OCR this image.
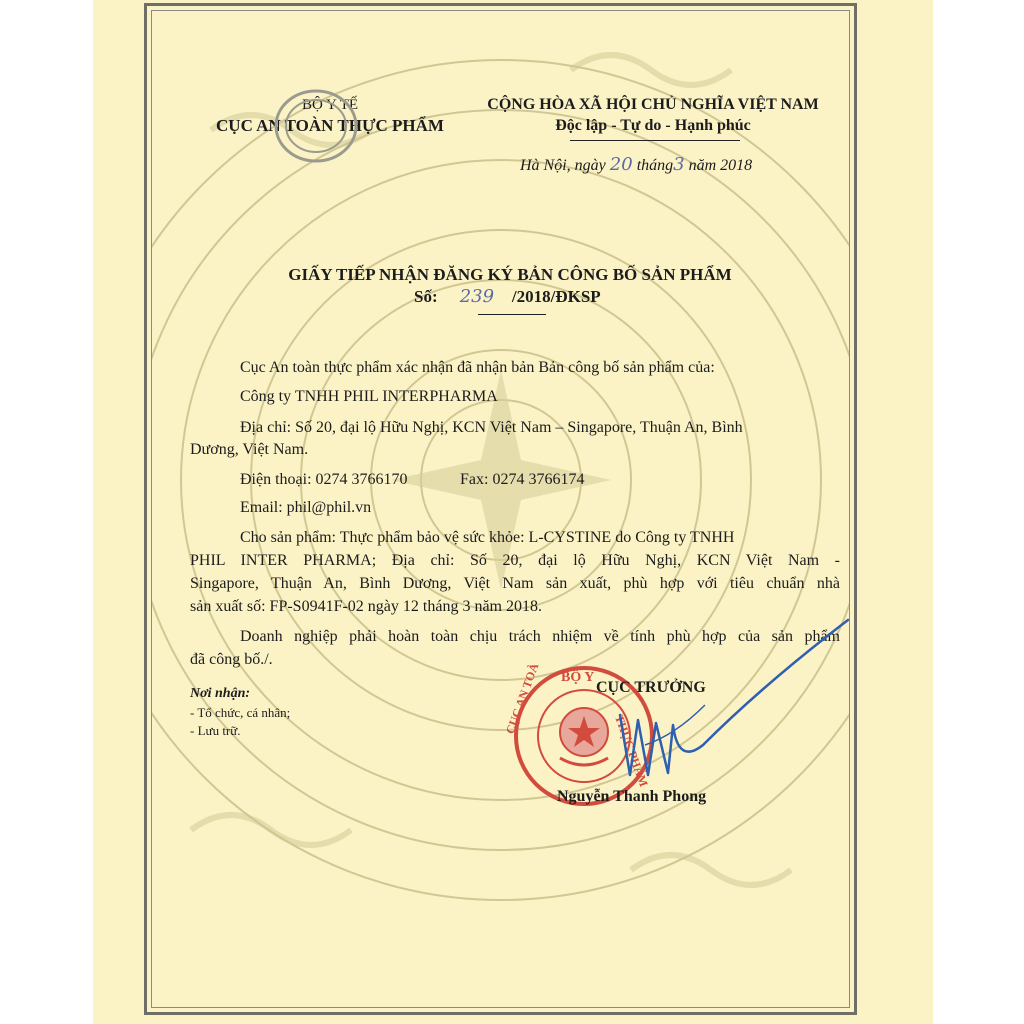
BỘ Y TẾ
CỤC AN TOÀN THỰC PHẨM
CỘNG HÒA XÃ HỘI CHỦ NGHĨA VIỆT NAM
Độc lập - Tự do - Hạnh phúc
Hà Nội, ngày 20 tháng3 năm 2018
GIẤY TIẾP NHẬN ĐĂNG KÝ BẢN CÔNG BỐ SẢN PHẨM
Số: 239 /2018/ĐKSP
Cục An toàn thực phẩm xác nhận đã nhận bản Bản công bố sản phẩm của:
Công ty TNHH PHIL INTERPHARMA
Địa chỉ: Số 20, đại lộ Hữu Nghị, KCN Việt Nam – Singapore, Thuận An, Bình
Dương, Việt Nam.
Điện thoại: 0274 3766170	Fax: 0274 3766174
Email: phil@phil.vn
Cho sản phẩm: Thực phẩm bảo vệ sức khỏe: L-CYSTINE do Công ty TNHH
PHIL INTER PHARMA; Địa chỉ: Số 20, đại lộ Hữu Nghị, KCN Việt Nam -
Singapore, Thuận An, Bình Dương, Việt Nam sản xuất, phù hợp với tiêu chuẩn nhà
sản xuất số: FP-S0941F-02 ngày 12 tháng 3 năm 2018.
Doanh nghiệp phải hoàn toàn chịu trách nhiệm về tính phù hợp của sản phẩm
đã công bố./.
Nơi nhận:
- Tổ chức, cá nhân;
- Lưu trữ.
BỘ Y
CỤC AN TOÀ
THỰC PHẨM
CỤC TRƯỞNG
Nguyễn Thanh Phong
